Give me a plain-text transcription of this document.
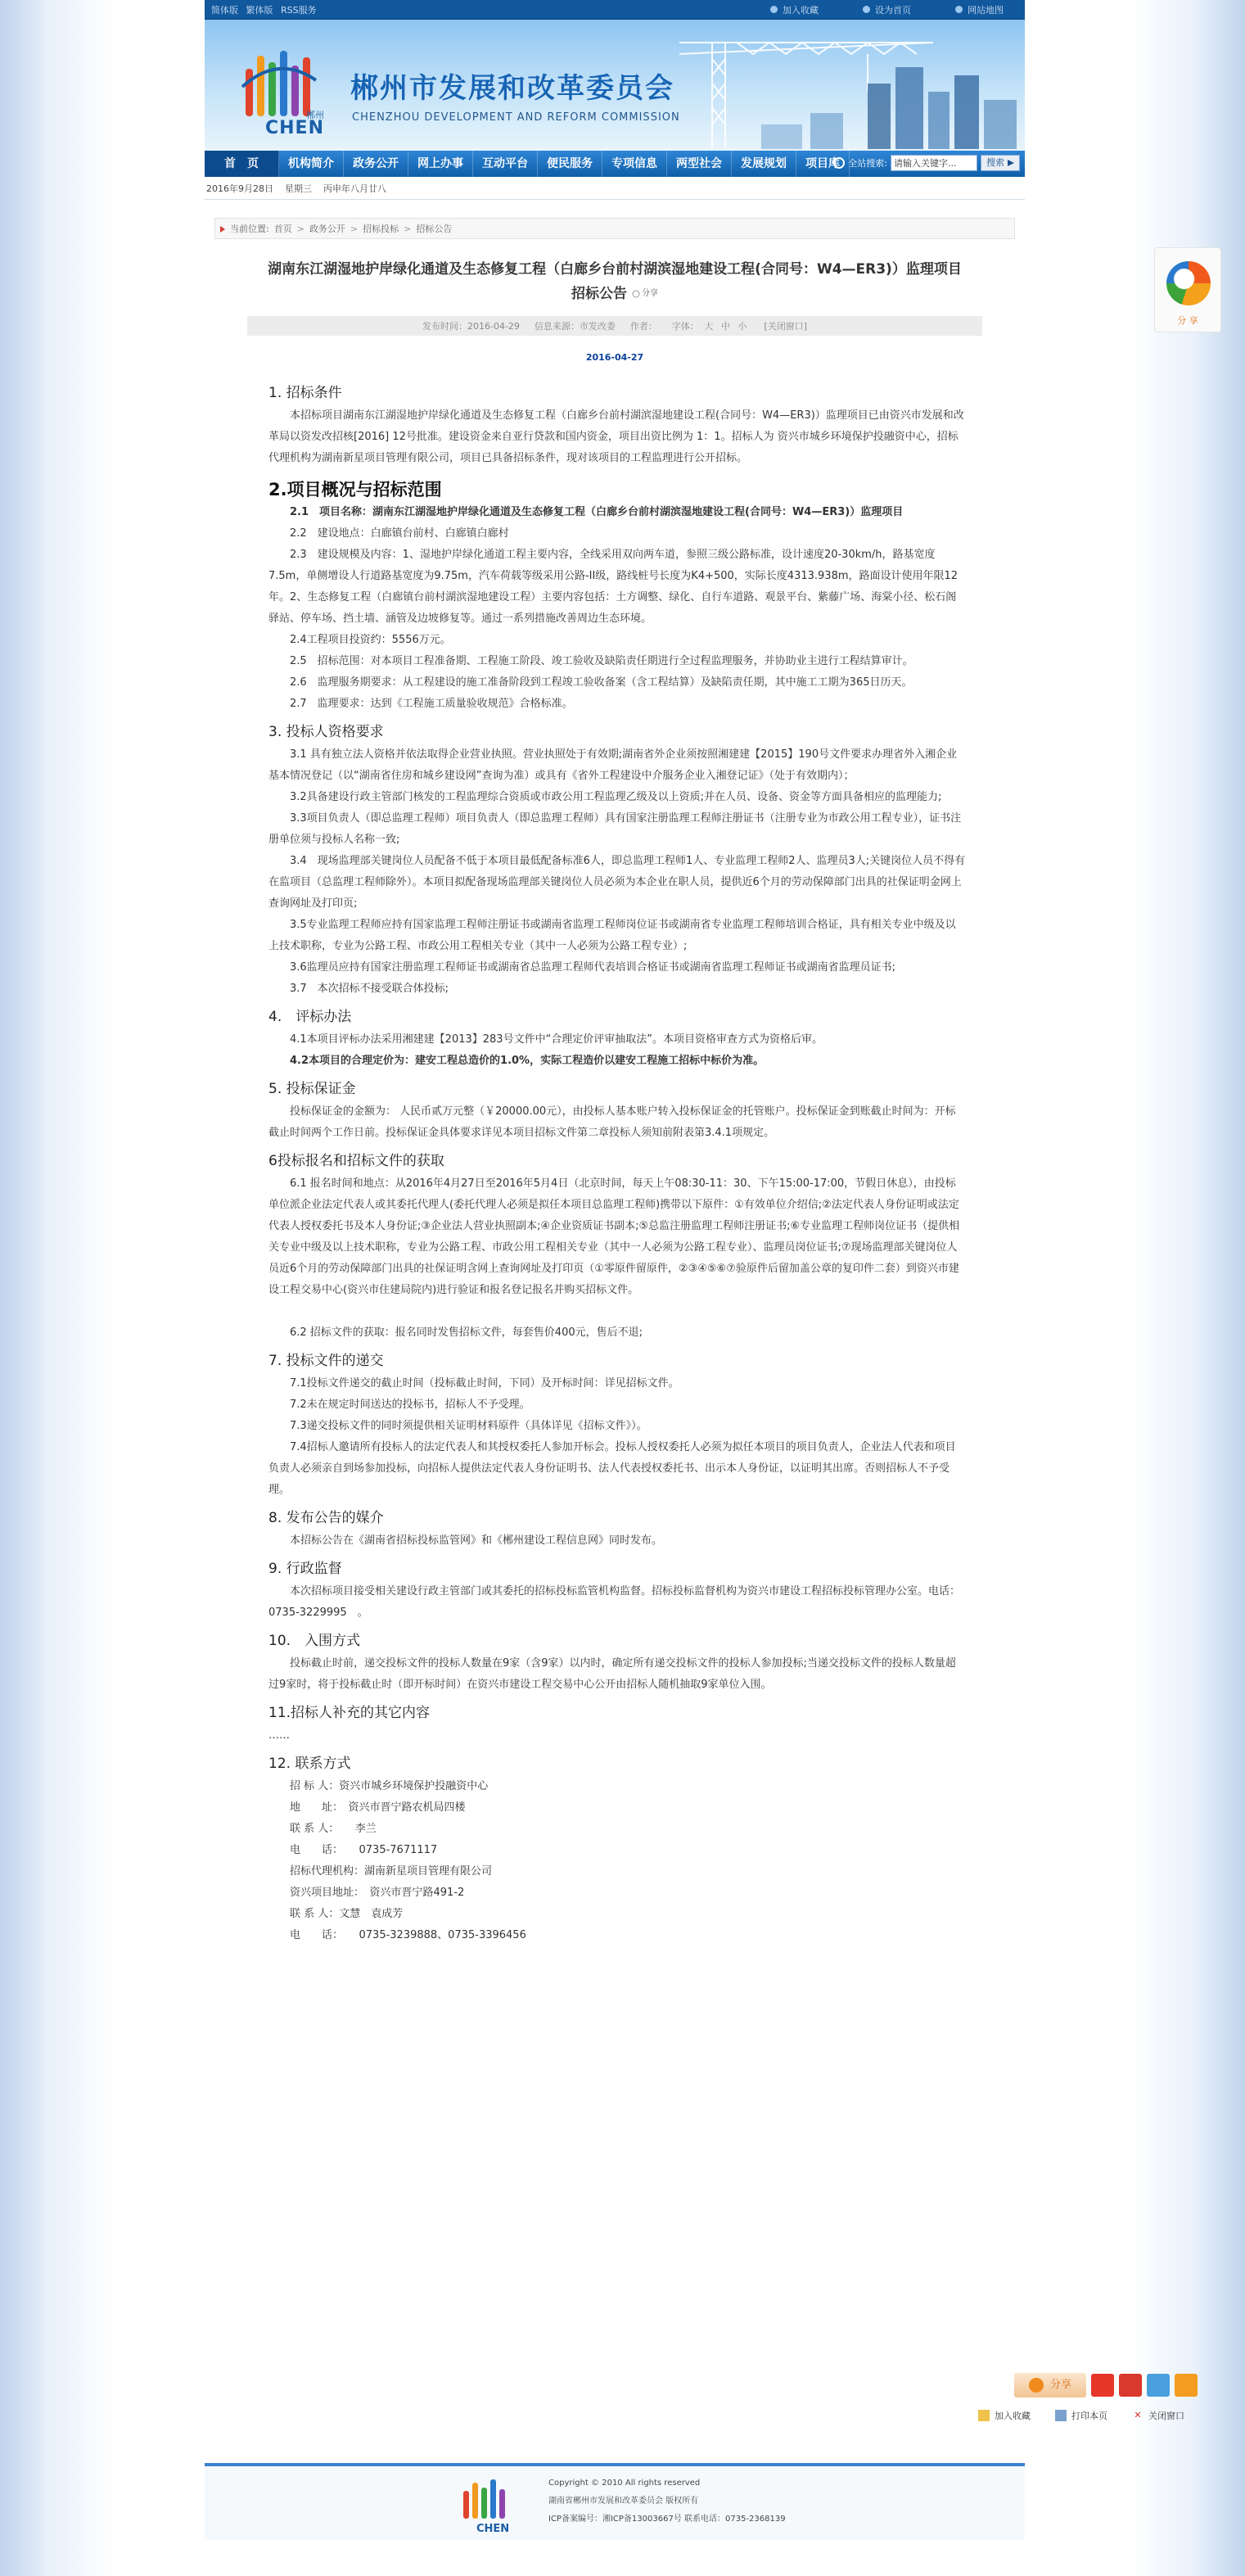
简体版 繁体版 RSS服务	加入收藏	设为首页	网站地图
CHEN
郴州
郴州市发展和改革委员会
CHENZHOU DEVELOPMENT AND REFORM COMMISSION
首　页	机构简介	政务公开	网上办事	互动平台	便民服务	专项信息	两型社会	发展规划	项目库 全站搜索:
请输入关键字...	搜索
2016年9月28日 星期三 丙申年八月廿八
当前位置: 首页 > 政务公开 > 招标投标 > 招标公告
湖南东江湖湿地护岸绿化通道及生态修复工程（白廊乡台前村湖滨湿地建设工程(合同号：W4—ER3)）监理项目招标公告 分享
发布时间：2016-04-29 信息来源：市发改委 作者： 字体： 大 中 小 [关闭窗口]
2016-04-27
1. 招标条件

本招标项目湖南东江湖湿地护岸绿化通道及生态修复工程（白廊乡台前村湖滨湿地建设工程(合同号：W4—ER3)）监理项目已由资兴市发展和改革局以资发改招核[2016] 12号批准。建设资金来自亚行贷款和国内资金，项目出资比例为 1：1。招标人为 资兴市城乡环境保护投融资中心，招标代理机构为湖南新星项目管理有限公司，项目已具备招标条件，现对该项目的工程监理进行公开招标。

2.项目概况与招标范围

2.1　项目名称：湖南东江湖湿地护岸绿化通道及生态修复工程（白廊乡台前村湖滨湿地建设工程(合同号：W4—ER3)）监理项目

2.2　建设地点：白廊镇台前村、白廊镇白廊村

2.3　建设规模及内容：1、湿地护岸绿化通道工程主要内容，全线采用双向两车道，参照三级公路标准，设计速度20-30km/h，路基宽度7.5m，单侧增设人行道路基宽度为9.75m，汽车荷载等级采用公路-II级，路线桩号长度为K4+500，实际长度4313.938m，路面设计使用年限12年。2、生态修复工程（白廊镇台前村湖滨湿地建设工程）主要内容包括：土方调整、绿化、自行车道路、观景平台、紫藤广场、海棠小径、松石阁驿站、停车场、挡土墙、涵管及边坡修复等。通过一系列措施改善周边生态环境。

2.4工程项目投资约：5556万元。

2.5　招标范围：对本项目工程准备期、工程施工阶段、竣工验收及缺陷责任期进行全过程监理服务，并协助业主进行工程结算审计。

2.6　监理服务期要求：从工程建设的施工准备阶段到工程竣工验收备案（含工程结算）及缺陷责任期，其中施工工期为365日历天。

2.7　监理要求：达到《工程施工质量验收规范》合格标准。

3. 投标人资格要求

3.1 具有独立法人资格并依法取得企业营业执照。营业执照处于有效期;湖南省外企业须按照湘建建【2015】190号文件要求办理省外入湘企业基本情况登记（以“湖南省住房和城乡建设网”查询为准）或具有《省外工程建设中介服务企业入湘登记证》（处于有效期内）；

3.2具备建设行政主管部门核发的工程监理综合资质或市政公用工程监理乙级及以上资质;并在人员、设备、资金等方面具备相应的监理能力;

3.3项目负责人（即总监理工程师）项目负责人（即总监理工程师）具有国家注册监理工程师注册证书（注册专业为市政公用工程专业），证书注册单位须与投标人名称一致;

3.4　现场监理部关键岗位人员配备不低于本项目最低配备标准6人，即总监理工程师1人、专业监理工程师2人、监理员3人;关键岗位人员不得有在监项目（总监理工程师除外）。本项目拟配备现场监理部关键岗位人员必须为本企业在职人员，提供近6个月的劳动保障部门出具的社保证明金网上查询网址及打印页;

3.5专业监理工程师应持有国家监理工程师注册证书或湖南省监理工程师岗位证书或湖南省专业监理工程师培训合格证，具有相关专业中级及以上技术职称，专业为公路工程、市政公用工程相关专业（其中一人必须为公路工程专业）;

3.6监理员应持有国家注册监理工程师证书或湖南省总监理工程师代表培训合格证书或湖南省监理工程师证书或湖南省监理员证书;

3.7　本次招标不接受联合体投标;

4.　评标办法

4.1本项目评标办法采用湘建建【2013】283号文件中“合理定价评审抽取法”。本项目资格审查方式为资格后审。

4.2本项目的合理定价为：建安工程总造价的1.0%，实际工程造价以建安工程施工招标中标价为准。

5. 投标保证金

投标保证金的金额为： 人民币贰万元整（￥20000.00元），由投标人基本账户转入投标保证金的托管账户。投标保证金到账截止时间为：开标截止时间两个工作日前。投标保证金具体要求详见本项目招标文件第二章投标人须知前附表第3.4.1项规定。

6投标报名和招标文件的获取

6.1 报名时间和地点：从2016年4月27日至2016年5月4日（北京时间，每天上午08:30-11：30、下午15:00-17:00，节假日休息），由投标单位派企业法定代表人或其委托代理人(委托代理人必须是拟任本项目总监理工程师)携带以下原件：①有效单位介绍信;②法定代表人身份证明或法定代表人授权委托书及本人身份证;③企业法人营业执照副本;④企业资质证书副本;⑤总监注册监理工程师注册证书;⑥专业监理工程师岗位证书（提供相关专业中级及以上技术职称，专业为公路工程、市政公用工程相关专业（其中一人必须为公路工程专业）、监理员岗位证书;⑦现场监理部关键岗位人员近6个月的劳动保障部门出具的社保证明含网上查询网址及打印页（①零原件留原件，②③④⑤⑥⑦验原件后留加盖公章的复印件二套）到资兴市建设工程交易中心(资兴市住建局院内)进行验证和报名登记报名并购买招标文件。

6.2 招标文件的获取：报名同时发售招标文件，每套售价400元，售后不退;

7. 投标文件的递交

7.1投标文件递交的截止时间（投标截止时间，下同）及开标时间：详见招标文件。

7.2未在规定时间送达的投标书，招标人不予受理。

7.3递交投标文件的同时须提供相关证明材料原件（具体详见《招标文件》）。

7.4招标人邀请所有投标人的法定代表人和其授权委托人参加开标会。投标人授权委托人必须为拟任本项目的项目负责人，企业法人代表和项目负责人必须亲自到场参加投标，向招标人提供法定代表人身份证明书、法人代表授权委托书、出示本人身份证，以证明其出席。否则招标人不予受理。

8. 发布公告的媒介

本招标公告在《湖南省招标投标监管网》和《郴州建设工程信息网》同时发布。

9. 行政监督

本次招标项目接受相关建设行政主管部门或其委托的招标投标监管机构监督。招标投标监督机构为资兴市建设工程招标投标管理办公室。电话：　0735-3229995　。

10.　入围方式

投标截止时前，递交投标文件的投标人数量在9家（含9家）以内时，确定所有递交投标文件的投标人参加投标;当递交投标文件的投标人数量超过9家时，将于投标截止时（即开标时间）在资兴市建设工程交易中心公开由招标人随机抽取9家单位入围。

11.招标人补充的其它内容

……

12. 联系方式

招 标 人：资兴市城乡环境保护投融资中心

地　　址：　资兴市晋宁路农机局四楼

联 系 人：　　李兰

电　　话：　　0735-7671117

招标代理机构：湖南新星项目管理有限公司

资兴项目地址：　资兴市晋宁路491-2

联 系 人：文慧　袁成芳

电　　话：　　0735-3239888、0735-3396456

分享
加入收藏	打印本页	✕ 关闭窗口
CHEN
Copyright © 2010 All rights reserved
湖南省郴州市发展和改革委员会 版权所有
ICP备案编号：湘ICP备13003667号 联系电话：0735-2368139
分 享
